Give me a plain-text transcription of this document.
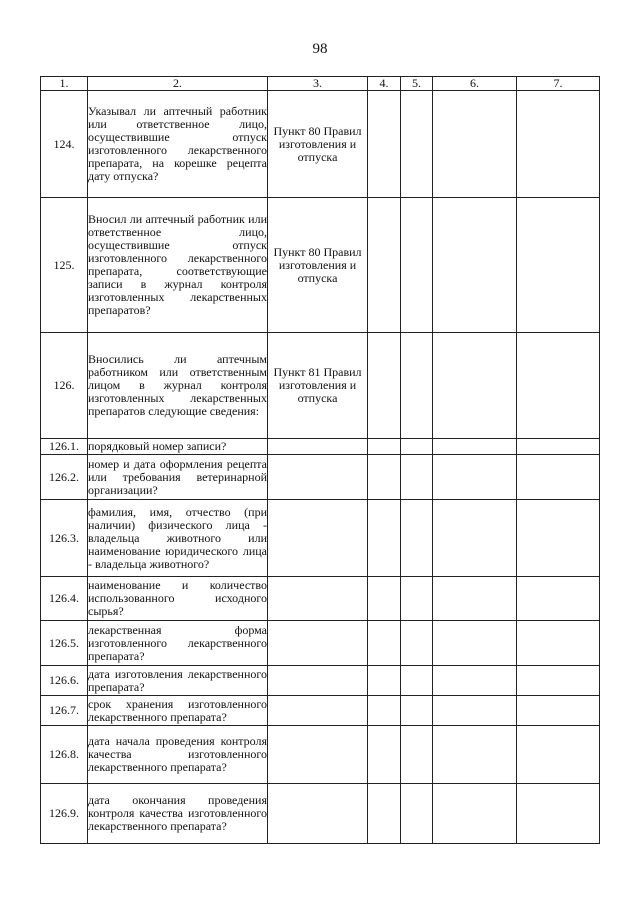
98
1.	2.	3.	4.	5.	6.	7.
124.	Указывал ли аптечный работник или ответственное лицо, осуществившие отпуск изготовленного лекарственного препарата, на корешке рецепта дату отпуска?	Пункт 80 Правил изготовления и отпуска				
125.	Вносил ли аптечный работник или ответственное лицо, осуществившие отпуск изготовленного лекарственного препарата, соответствующие записи в журнал контроля изготовленных лекарственных препаратов?	Пункт 80 Правил изготовления и отпуска				
126.	Вносились ли аптечным работником или ответственным лицом в журнал контроля изготовленных лекарственных препаратов следующие сведения:	Пункт 81 Правил изготовления и отпуска				
126.1.	порядковый номер записи?					
126.2.	номер и дата оформления рецепта или требования ветеринарной организации?					
126.3.	фамилия, имя, отчество (при наличии) физического лица - владельца животного или наименование юридического лица - владельца животного?					
126.4.	наименование и количество использованного исходного сырья?					
126.5.	лекарственная форма изготовленного лекарственного препарата?					
126.6.	дата изготовления лекарственного препарата?					
126.7.	срок хранения изготовленного лекарственного препарата?					
126.8.	дата начала проведения контроля качества изготовленного лекарственного препарата?					
126.9.	дата окончания проведения контроля качества изготовленного лекарственного препарата?					
